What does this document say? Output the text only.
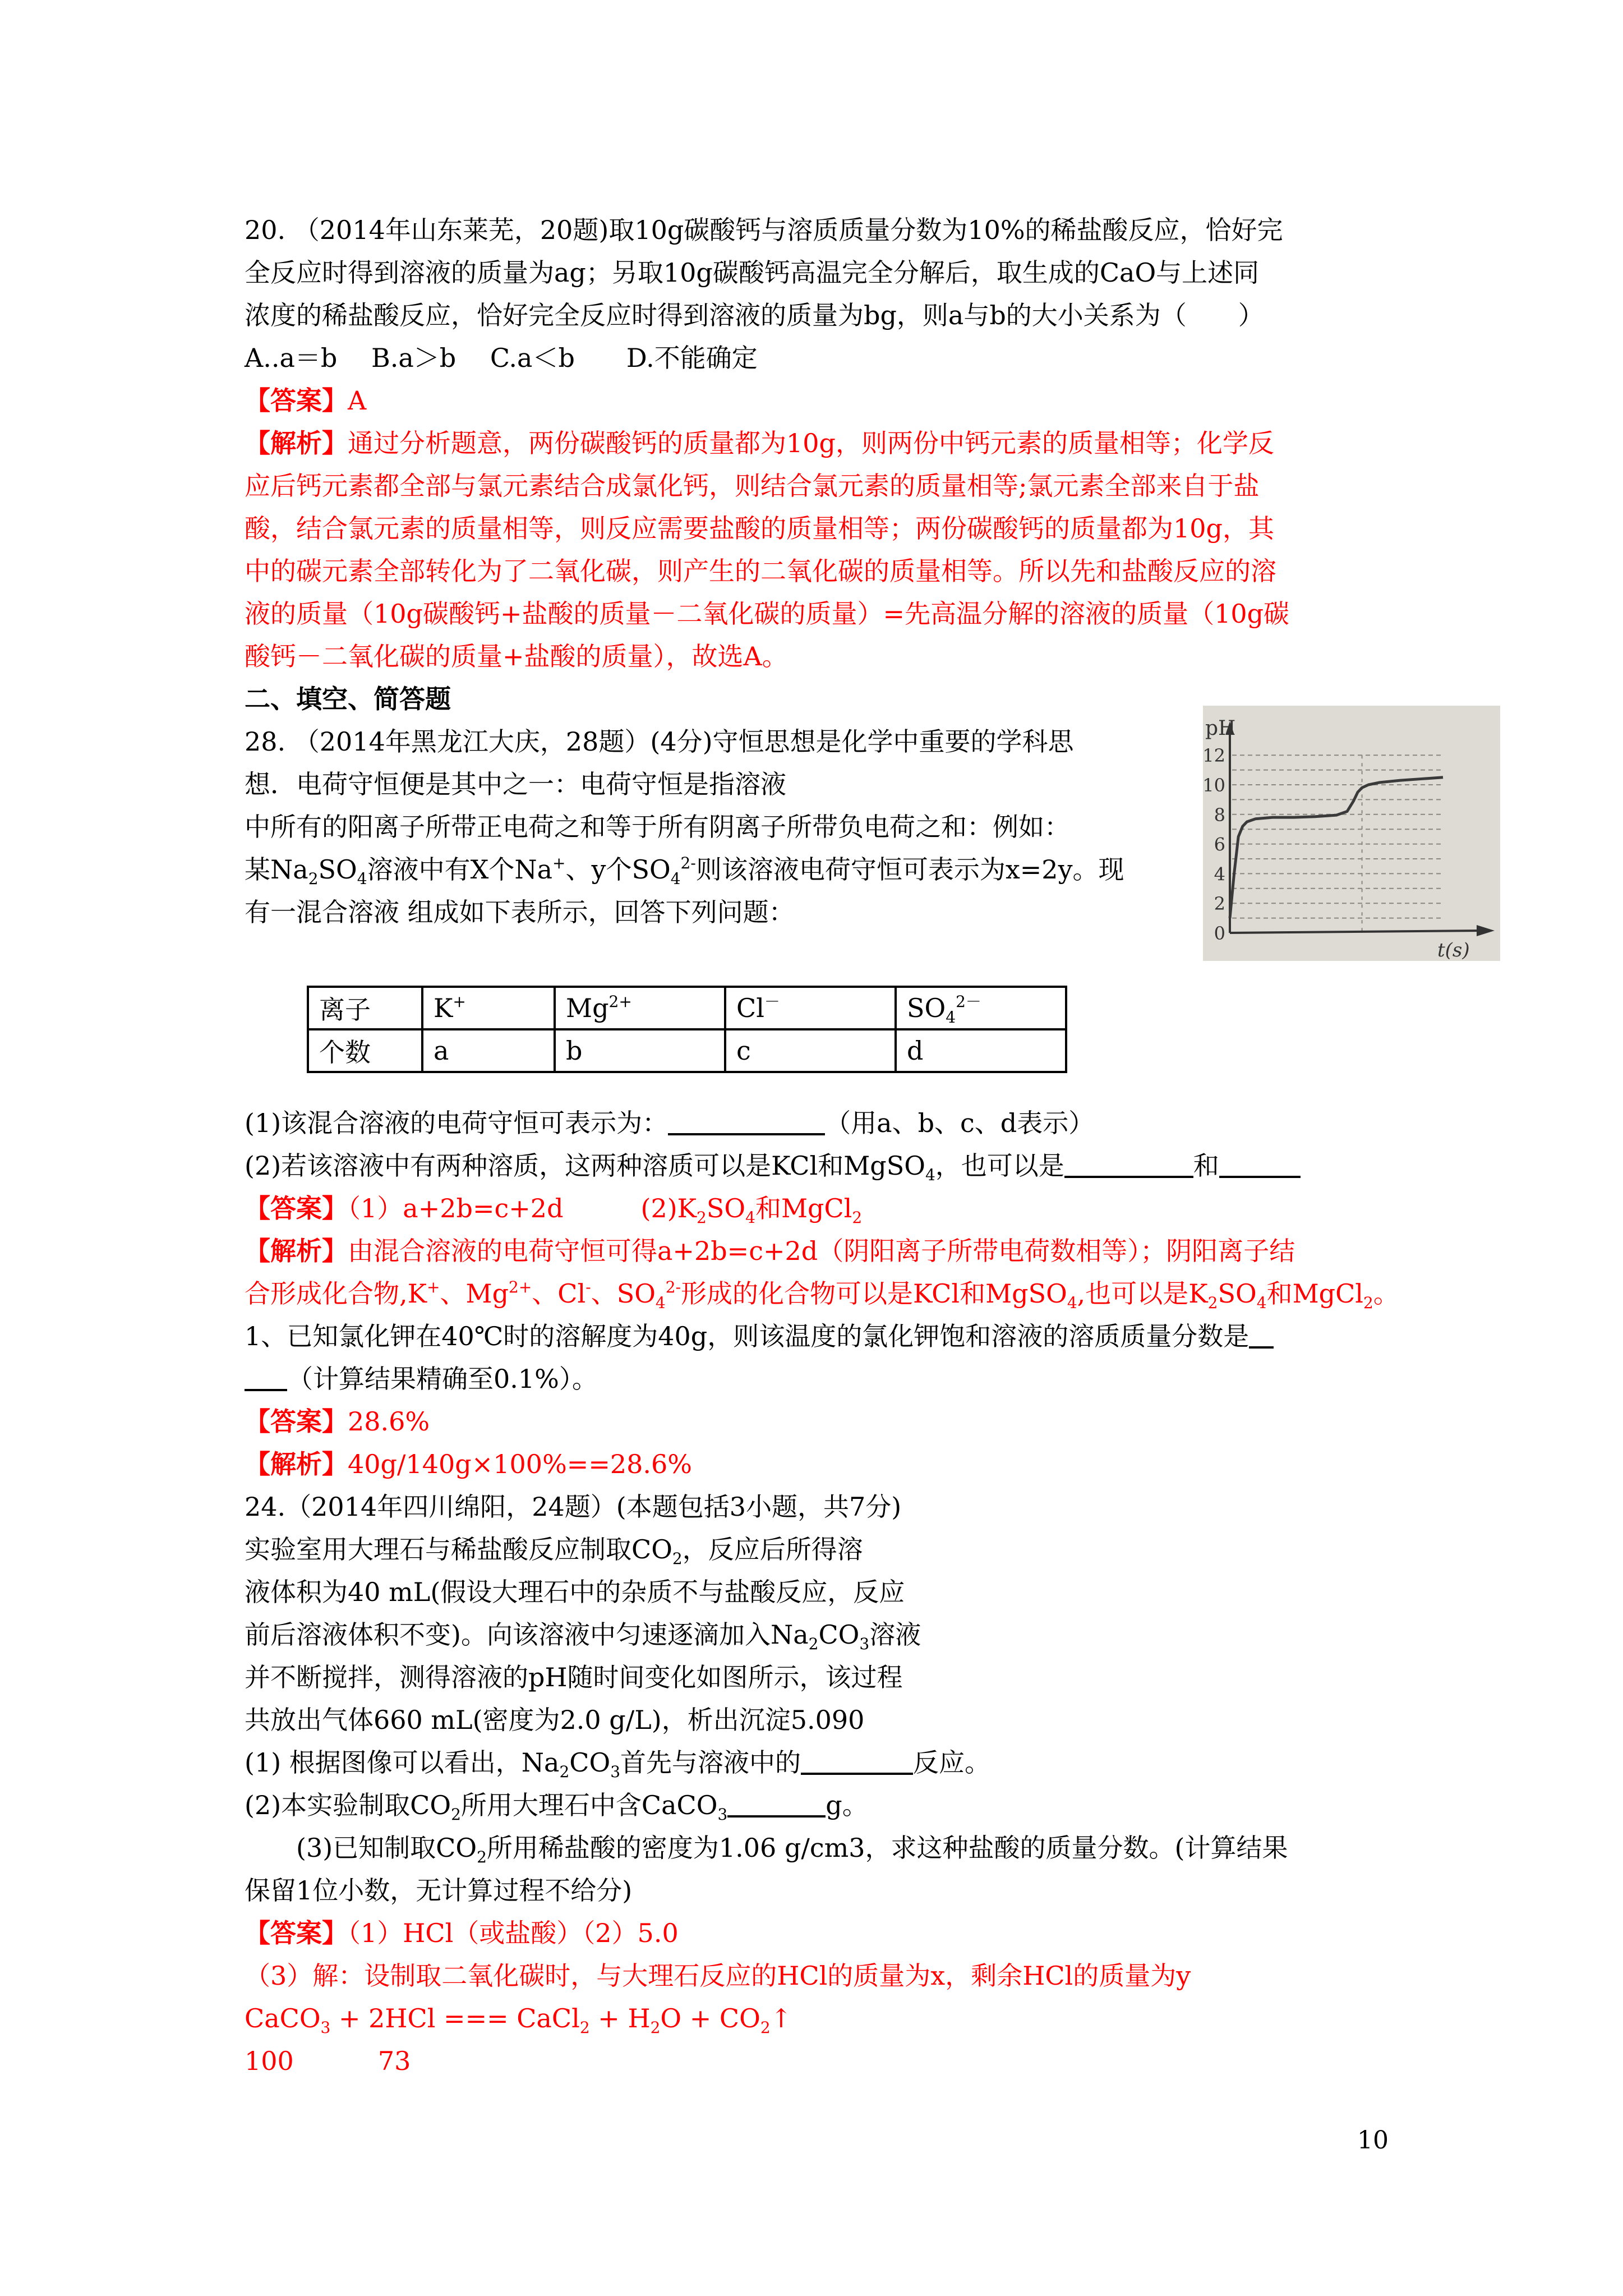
20. （2014年山东莱芜，20题)取10g碳酸钙与溶质质量分数为10%的稀盐酸反应，恰好完
全反应时得到溶液的质量为ag；另取10g碳酸钙高温完全分解后，取生成的CaO与上述同
浓度的稀盐酸反应，恰好完全反应时得到溶液的质量为bg，则a与b的大小关系为（　　）
A..a＝b　 B.a＞b　 C.a＜b　　D.不能确定
【答案】A
【解析】通过分析题意，两份碳酸钙的质量都为10g，则两份中钙元素的质量相等；化学反
应后钙元素都全部与氯元素结合成氯化钙，则结合氯元素的质量相等;氯元素全部来自于盐
酸，结合氯元素的质量相等，则反应需要盐酸的质量相等；两份碳酸钙的质量都为10g，其
中的碳元素全部转化为了二氧化碳，则产生的二氧化碳的质量相等。所以先和盐酸反应的溶
液的质量（10g碳酸钙+盐酸的质量－二氧化碳的质量）=先高温分解的溶液的质量（10g碳
酸钙－二氧化碳的质量+盐酸的质量），故选A。
二、填空、简答题
28. （2014年黑龙江大庆，28题）(4分)守恒思想是化学中重要的学科思
想．电荷守恒便是其中之一：电荷守恒是指溶液
中所有的阳离子所带正电荷之和等于所有阴离子所带负电荷之和：例如：
某$Na_2SO_4$溶液中有X个Na+、y个$SO_4^{2-}$则该溶液电荷守恒可表示为x=2y。现
有一混合溶液 组成如下表所示，回答下列问题：
0
2
4
6
8
10
12
pH
t(s)
离子	K+	$Mg^{2+}$	Cl－	$SO_4^{2-}$
个数	a	b	c	d
(1)该混合溶液的电荷守恒可表示为：	（用a、b、c、d表示）
(2)若该溶液中有两种溶质，这两种溶质可以是KCl和MgSO$_4$，也可以是	和
【答案】（1）a+2b=c+2d　　　$(2)K_2SO_4$和MgCl$_2$
【解析】由混合溶液的电荷守恒可得a+2b=c+2d（阴阳离子所带电荷数相等）；阴阳离子结
合形成化合物,K+、$Mg^{2+}$、Cl-、$SO_4^{2-}$形成的化合物可以是KCl和MgSO$_4$,也可以是$K_2SO_4$和MgCl$_2$。
1、已知氯化钾在40℃时的溶解度为40g，则该温度的氯化钾饱和溶液的溶质质量分数是
（计算结果精确至0.1%）。
【答案】28.6%
【解析】40g/140g×100%==28.6%
24.（2014年四川绵阳，24题）(本题包括3小题，共7分)
实验室用大理石与稀盐酸反应制取$CO_2$，反应后所得溶
液体积为40 mL(假设大理石中的杂质不与盐酸反应，反应
前后溶液体积不变)。向该溶液中匀速逐滴加入$Na_2CO_3$溶液
并不断搅拌，测得溶液的pH随时间变化如图所示，该过程
共放出气体660 mL(密度为2.0 g/L)，析出沉淀5.090
(1) 根据图像可以看出，$Na_2CO_3$首先与溶液中的	反应。
(2)本实验制取$CO_2$所用大理石中含CaCO$_3$	g。
　　(3)已知制取$CO_2$所用稀盐酸的密度为1.06 g/cm3，求这种盐酸的质量分数。(计算结果
保留1位小数，无计算过程不给分)
【答案】（1）HCl（或盐酸）（2）5.0
（3）解：设制取二氧化碳时，与大理石反应的HCl的质量为x，剩余HCl的质量为y
CaCO$_3$ + 2HCl === CaCl$_2$ + $H_2O$ + $CO_2↑$
100	73
10
